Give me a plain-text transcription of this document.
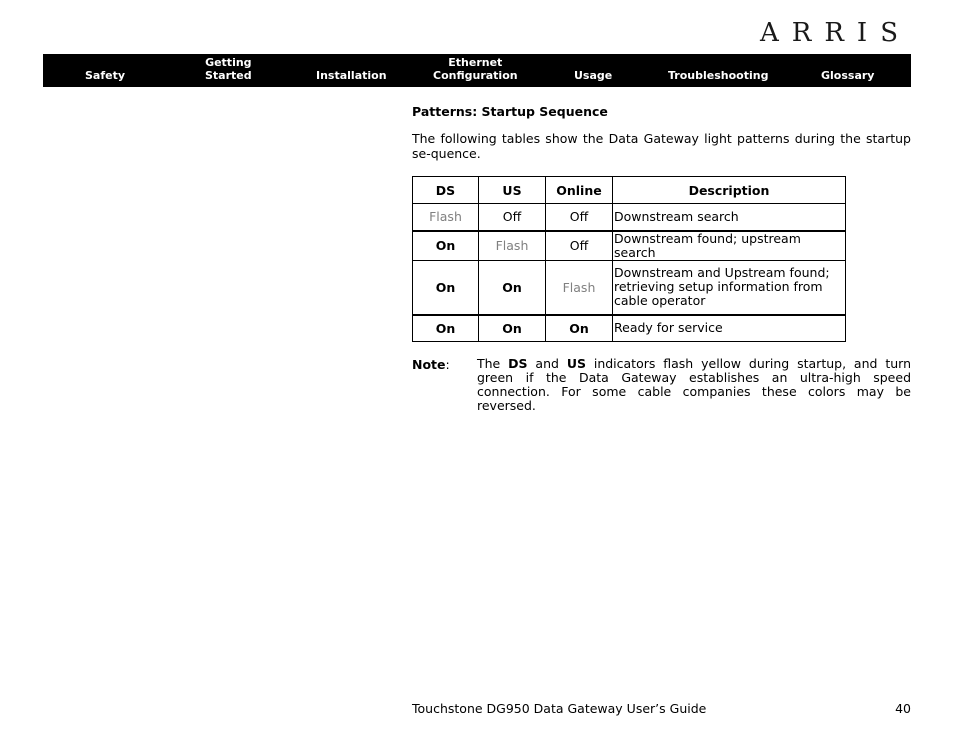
ARRIS
Safety
Getting
Started	Installation
Ethernet
Configuration	Usage	Troubleshooting	Glossary
Patterns: Startup Sequence
The following tables show the Data Gateway light patterns during the startup se-quence.
DS	US	Online	Description
Flash	Off	Off	Downstream search
On	Flash	Off	Downstream found; upstream search
On	On	Flash	Downstream and Upstream found; retrieving setup information from cable operator
On	On	On	Ready for service
Note: The DS and US indicators flash yellow during startup, and turn green if the Data Gateway establishes an ultra-high speed connection. For some cable companies these colors may be reversed.
Touchstone DG950 Data Gateway User’s Guide	40
